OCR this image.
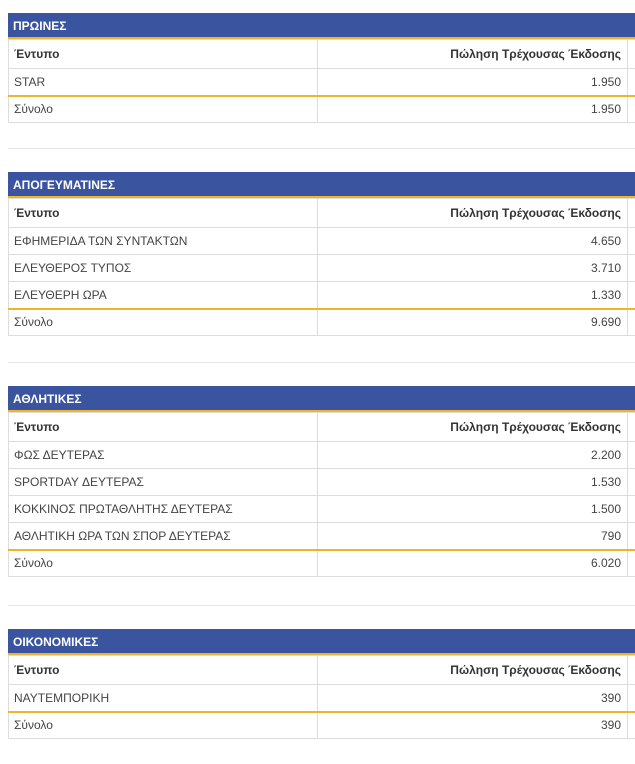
ΠΡΩΙΝΕΣ
Έντυπο	Πώληση Τρέχουσας Έκδοσης	
STAR	1.950	
Σύνολο	1.950	
ΑΠΟΓΕΥΜΑΤΙΝΕΣ
Έντυπο	Πώληση Τρέχουσας Έκδοσης	
ΕΦΗΜΕΡΙΔΑ ΤΩΝ ΣΥΝΤΑΚΤΩΝ	4.650	
ΕΛΕΥΘΕΡΟΣ ΤΥΠΟΣ	3.710	
ΕΛΕΥΘΕΡΗ ΩΡΑ	1.330	
Σύνολο	9.690	
ΑΘΛΗΤΙΚΕΣ
Έντυπο	Πώληση Τρέχουσας Έκδοσης	
ΦΩΣ ΔΕΥΤΕΡΑΣ	2.200	
SPORTDAY ΔΕΥΤΕΡΑΣ	1.530	
ΚΟΚΚΙΝΟΣ ΠΡΩΤΑΘΛΗΤΗΣ ΔΕΥΤΕΡΑΣ	1.500	
ΑΘΛΗΤΙΚΗ ΩΡΑ ΤΩΝ ΣΠΟΡ ΔΕΥΤΕΡΑΣ	790	
Σύνολο	6.020	
ΟΙΚΟΝΟΜΙΚΕΣ
Έντυπο	Πώληση Τρέχουσας Έκδοσης	
ΝΑΥΤΕΜΠΟΡΙΚΗ	390	
Σύνολο	390	
